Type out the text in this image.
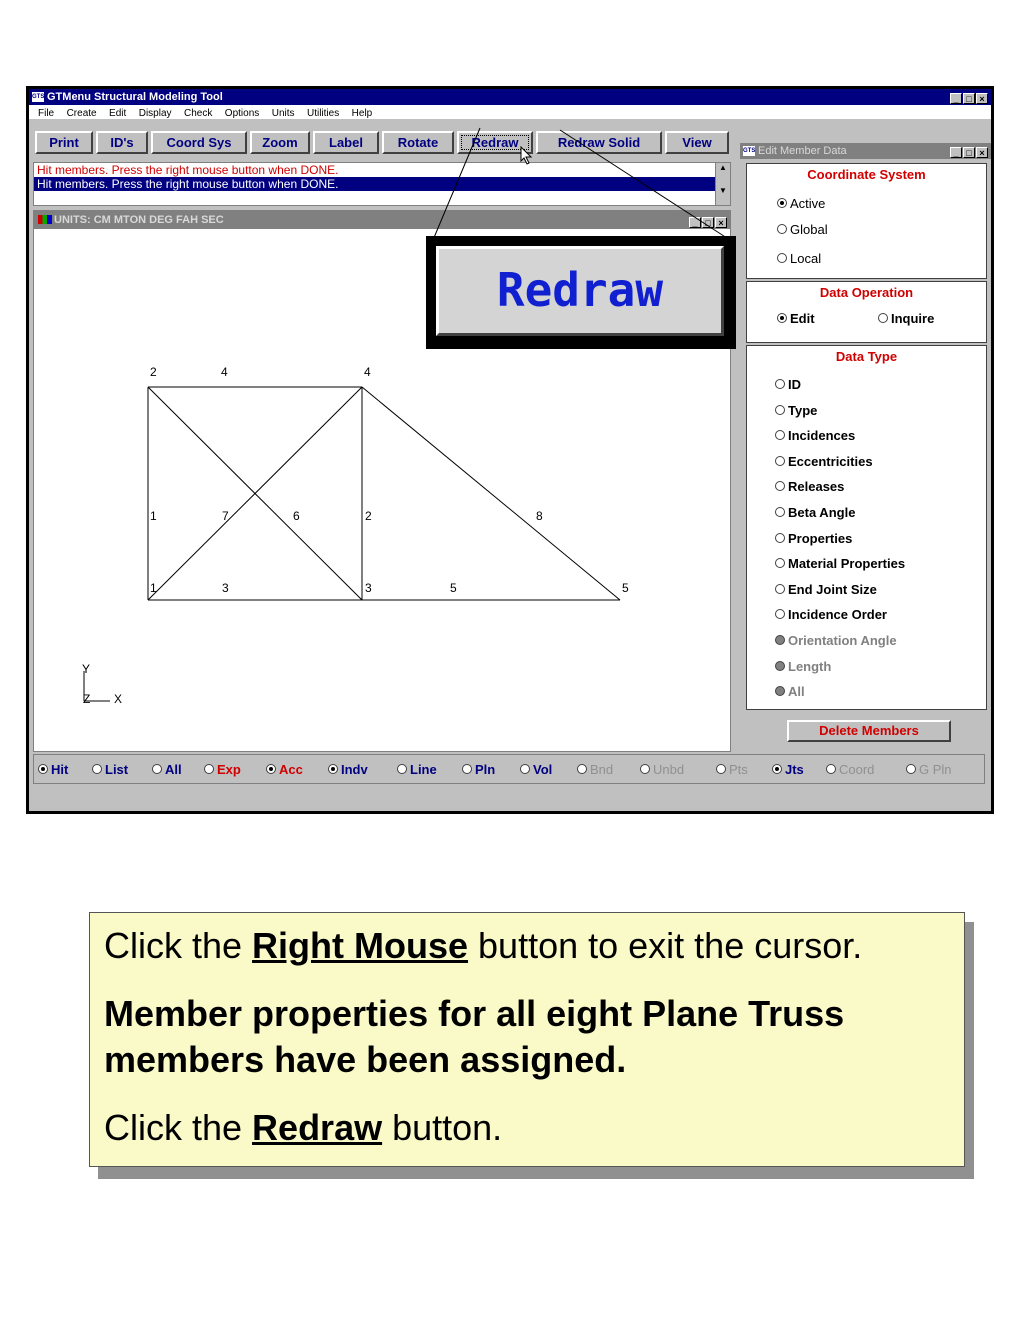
GTS GTMenu Structural Modeling Tool	_ □ ×
File Create Edit Display Check Options Units Utilities Help
Print	ID's	Coord Sys	Zoom	Label	Rotate	Redraw	Redraw Solid	View
Hit members. Press the right mouse button when DONE.
Hit members. Press the right mouse button when DONE.
▲
▼
UNITS: CM MTON DEG FAH SEC	_ □ ×
2	4	4
1	7	6	2	8
1	3	3	5	5
Y
Z X
GTS Edit Member Data	_ □ ×
Coordinate System
Active
Global
Local
Data Operation
Edit	Inquire
Data Type
ID
Type
Incidences
Eccentricities
Releases
Beta Angle
Properties
Material Properties
End Joint Size
Incidence Order
Orientation Angle
Length
All
Delete Members
Hit	List	All	Exp	Acc	Indv	Line	Pln	Vol	Bnd	Unbd	Pts	Jts	Coord	G Pln
Redraw

Click the Right Mouse button to exit the cursor.

Member properties for all eight Plane Truss members have been assigned.

Click the Redraw button.
